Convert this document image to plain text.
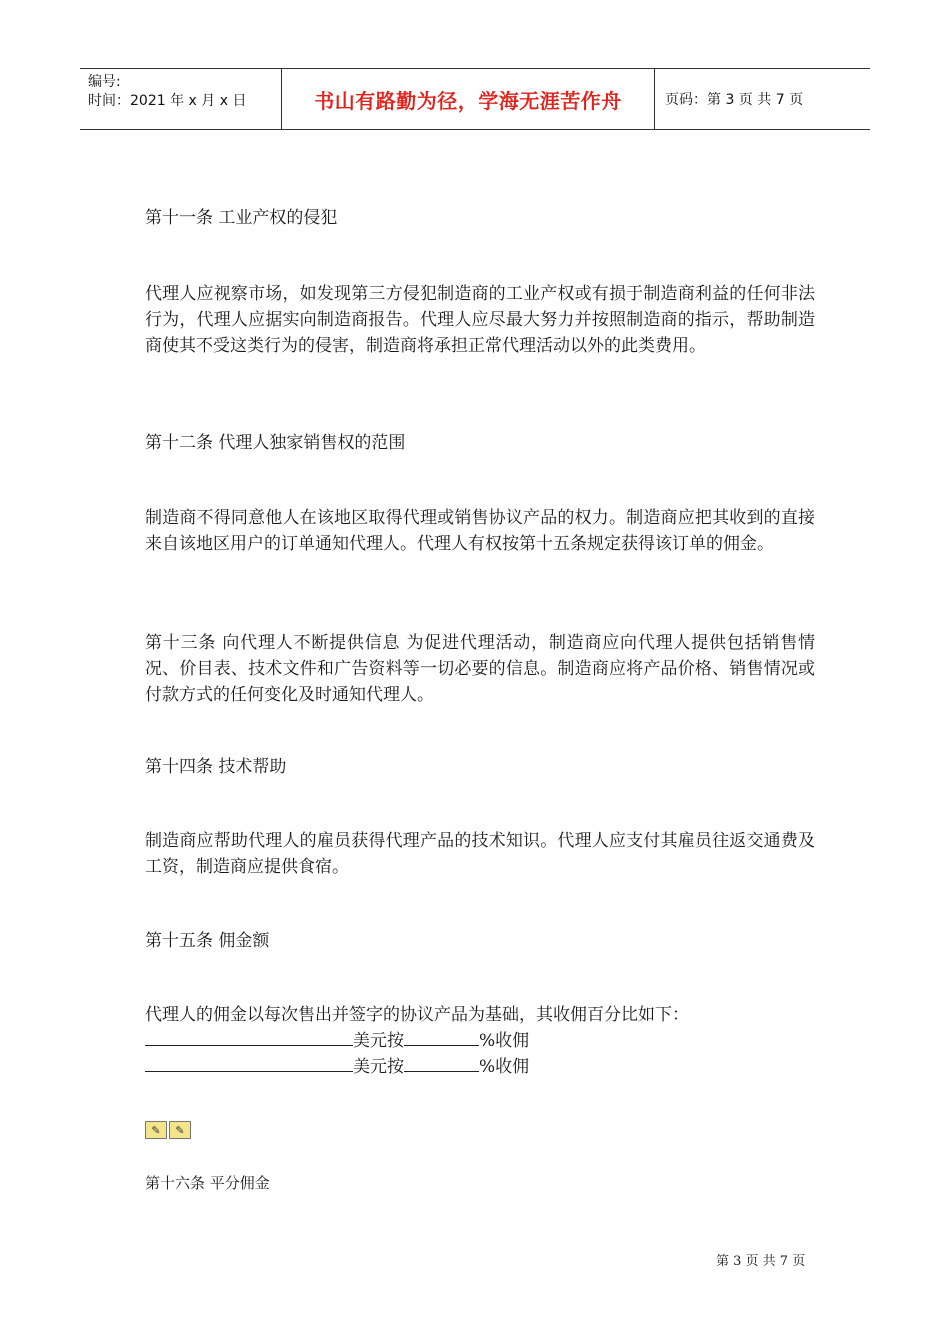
编号:
时间：2021 年 x 月 x 日	书山有路勤为径，学海无涯苦作舟	页码：第 3 页 共 7 页
第十一条 工业产权的侵犯
代理人应视察市场，如发现第三方侵犯制造商的工业产权或有损于制造商利益的任何非法行为，代理人应据实向制造商报告。代理人应尽最大努力并按照制造商的指示，帮助制造商使其不受这类行为的侵害，制造商将承担正常代理活动以外的此类费用。
第十二条 代理人独家销售权的范围
制造商不得同意他人在该地区取得代理或销售协议产品的权力。制造商应把其收到的直接来自该地区用户的订单通知代理人。代理人有权按第十五条规定获得该订单的佣金。
第十三条 向代理人不断提供信息 为促进代理活动，制造商应向代理人提供包括销售情况、价目表、技术文件和广告资料等一切必要的信息。制造商应将产品价格、销售情况或付款方式的任何变化及时通知代理人。
第十四条 技术帮助
制造商应帮助代理人的雇员获得代理产品的技术知识。代理人应支付其雇员往返交通费及工资，制造商应提供食宿。
第十五条 佣金额
代理人的佣金以每次售出并签字的协议产品为基础，其收佣百分比如下：
美元按	%收佣
美元按	%收佣
✎	✎
第十六条 平分佣金
第 3 页 共 7 页
